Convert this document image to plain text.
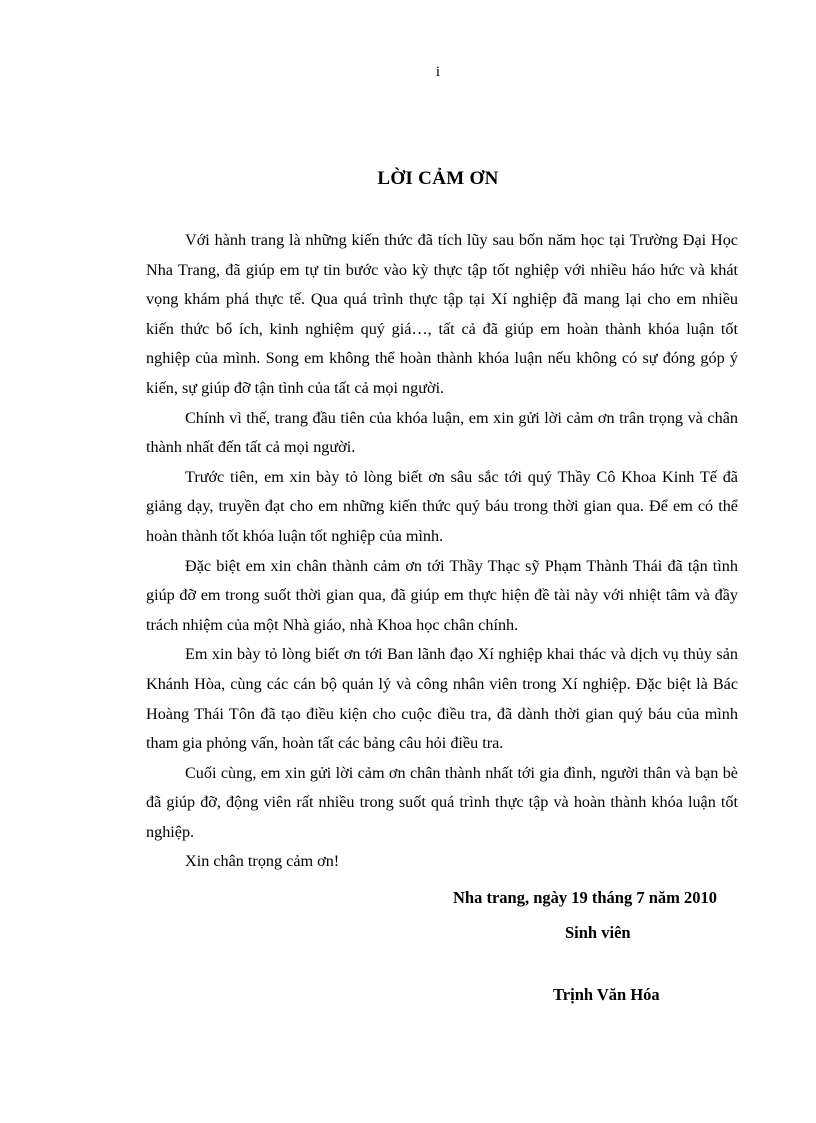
i
LỜI CẢM ƠN

Với hành trang là những kiến thức đã tích lũy sau bốn năm học tại Trường Đại Học Nha Trang, đã giúp em tự tin bước vào kỳ thực tập tốt nghiệp với nhiều háo hức và khát vọng khám phá thực tế. Qua quá trình thực tập tại Xí nghiệp đã mang lại cho em nhiều kiến thức bổ ích, kinh nghiệm quý giá…, tất cả đã giúp em hoàn thành khóa luận tốt nghiệp của mình. Song em không thể hoàn thành khóa luận nếu không có sự đóng góp ý kiến, sự giúp đỡ tận tình của tất cả mọi người.

Chính vì thế, trang đầu tiên của khóa luận, em xin gửi lời cảm ơn trân trọng và chân thành nhất đến tất cả mọi người.

Trước tiên, em xin bày tỏ lòng biết ơn sâu sắc tới quý Thầy Cô Khoa Kinh Tế đã giảng dạy, truyền đạt cho em những kiến thức quý báu trong thời gian qua. Để em có thể hoàn thành tốt khóa luận tốt nghiệp của mình.

Đặc biệt em xin chân thành cảm ơn tới Thầy Thạc sỹ Phạm Thành Thái đã tận tình giúp đỡ em trong suốt thời gian qua, đã giúp em thực hiện đề tài này với nhiệt tâm và đầy trách nhiệm của một Nhà giáo, nhà Khoa học chân chính.

Em xin bày tỏ lòng biết ơn tới Ban lãnh đạo Xí nghiệp khai thác và dịch vụ thủy sản Khánh Hòa, cùng các cán bộ quản lý và công nhân viên trong Xí nghiệp. Đặc biệt là Bác Hoàng Thái Tôn đã tạo điều kiện cho cuộc điều tra, đã dành thời gian quý báu của mình tham gia phỏng vấn, hoàn tất các bảng câu hỏi điều tra.

Cuối cùng, em xin gửi lời cảm ơn chân thành nhất tới gia đình, người thân và bạn bè đã giúp đỡ, động viên rất nhiều trong suốt quá trình thực tập và hoàn thành khóa luận tốt nghiệp.

Xin chân trọng cảm ơn!

Nha trang, ngày 19 tháng 7 năm 2010
Sinh viên
Trịnh Văn Hóa
